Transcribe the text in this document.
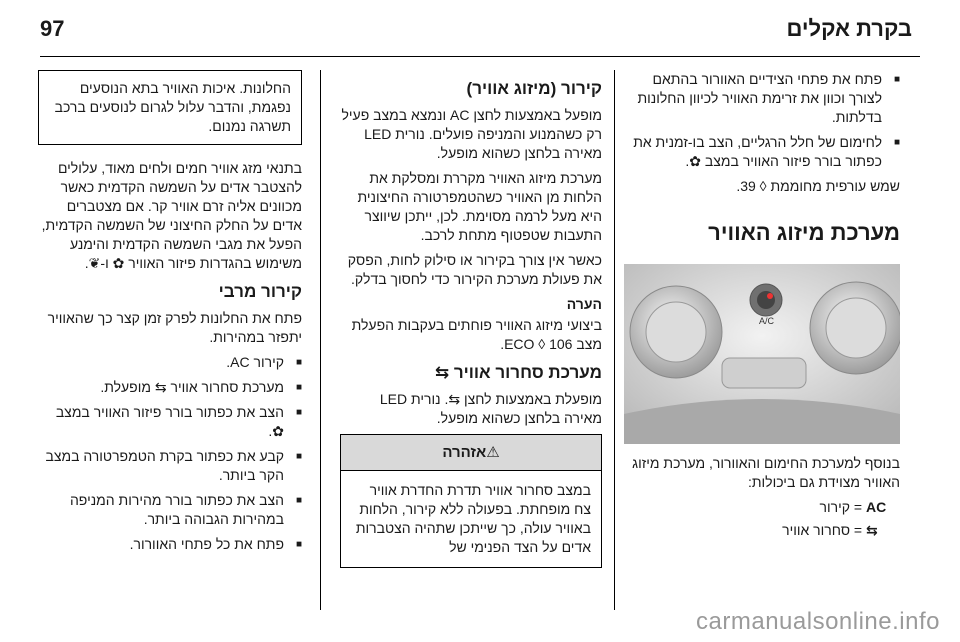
97	בקרת אקלים
■ פתח את פתחי הצידיים האוורור בהתאם לצורך וכוון את זרימת האוויר לכיוון החלונות בדלתות.
■ לחימום של חלל הרגליים, הצב בו-זמנית את כפתור בורר פיזור האוויר במצב ✿.

שמש עורפית מחוממת ◊ 39.

מערכת מיזוג האוויר
A/C

בנוסף למערכת החימום והאוורור, מערכת מיזוג האוויר מצוידת גם ביכולות:

AC = קירור
⇆ = סחרור אוויר
קירור (מיזוג אוויר)

מופעל באמצעות לחצן AC ונמצא במצב פעיל רק כשהמנוע והמניפה פועלים. נורית LED מאירה בלחצן כשהוא מופעל.

מערכת מיזוג האוויר מקררת ומסלקת את הלחות מן האוויר כשהטמפרטורה החיצונית היא מעל לרמה מסוימת. לכן, ייתכן שיווצר התעבות שטפטוף מתחת לרכב.

כאשר אין צורך בקירור או סילוק לחות, הפסק את פעולת מערכת הקירור כדי לחסוך בדלק.

הערה

ביצועי מיזוג האוויר פוחתים בעקבות הפעלת מצב ECO ◊ 106.

מערכת סחרור אוויר ⇆

מופעלת באמצעות לחצן ⇆. נורית LED מאירה בלחצן כשהוא מופעל.

⚠אזהרה
במצב סחרור אוויר תדרת החדרת אוויר צח מופחתת. בפעולה ללא קירור, הלחות באוויר עולה, כך שייתכן שתהיה הצטברות אדים על הצד הפנימי של
החלונות. איכות האוויר בתא הנוסעים נפגמת, והדבר עלול לגרום לנוסעים ברכב תשרגה נמנום.

בתנאי מזג אוויר חמים ולחים מאוד, עלולים להצטבר אדים על השמשה הקדמית כאשר מכוונים אליה זרם אוויר קר. אם מצטברים אדים על החלק החיצוני של השמשה הקדמית, הפעל את מגבי השמשה הקדמית והימנע משימוש בהגדרות פיזור האוויר ✿ ו-❦.

קירור מרבי

פתח את החלונות לפרק זמן קצר כך שהאוויר יתפזר במהירות.

■ קירור AC.
■ מערכת סחרור אוויר ⇆ מופעלת.
■ הצב את כפתור בורר פיזור האוויר במצב ✿.
■ קבע את כפתור בקרת הטמפרטורה במצב הקר ביותר.
■ הצב את כפתור בורר מהירות המניפה במהירות הגבוהה ביותר.
■ פתח את כל פתחי האוורור.
carmanualsonline.info
